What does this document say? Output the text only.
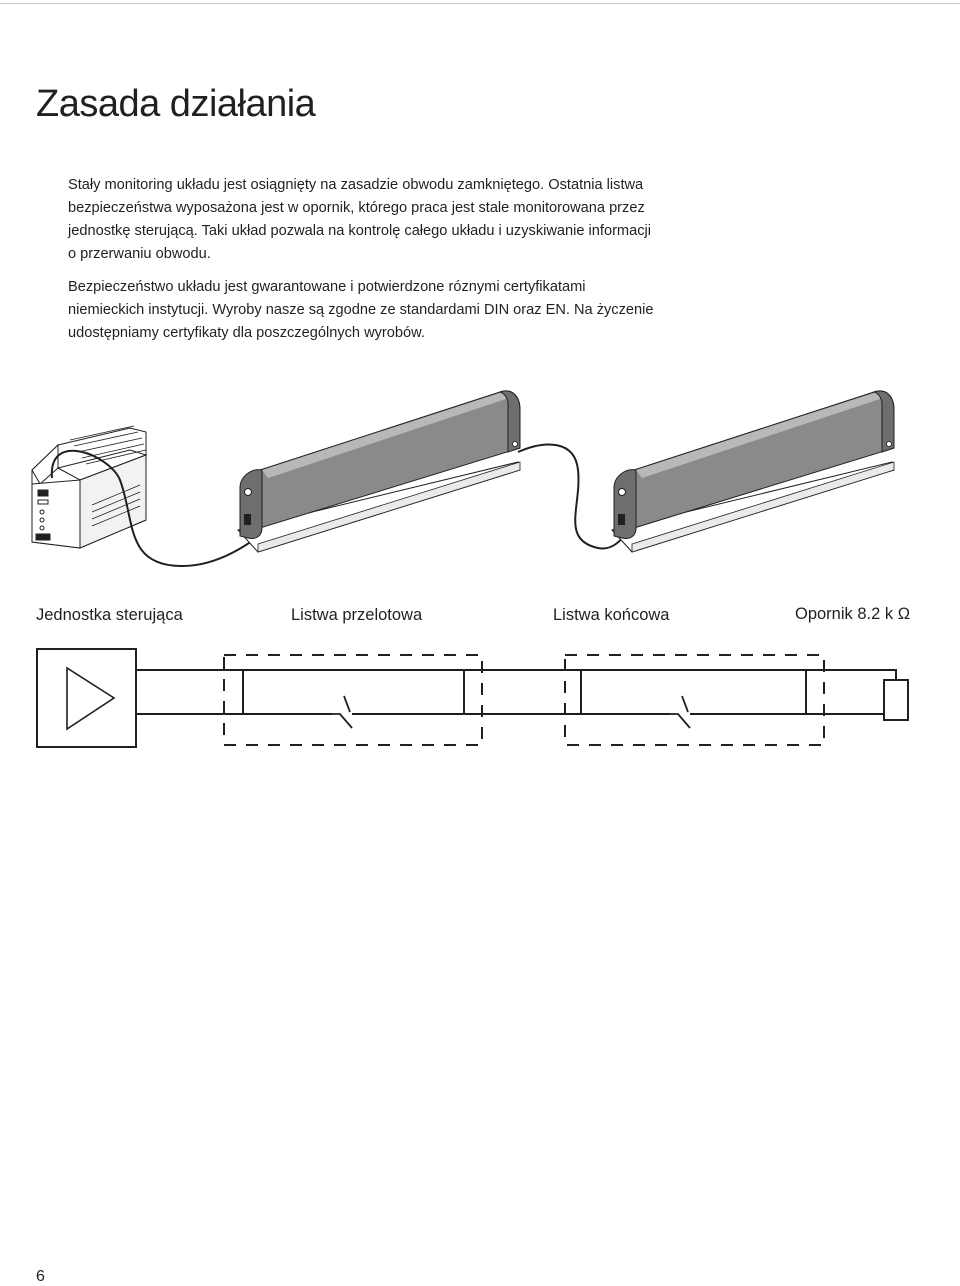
Zasada działania

Stały monitoring układu jest osiągnięty na zasadzie obwodu zamkniętego. Ostatnia listwa bezpieczeństwa wyposażona jest w opornik, którego praca jest stale monitorowana przez jednostkę sterującą. Taki układ pozwala na kontrolę całego układu i uzyskiwanie informacji o przerwaniu obwodu.

Bezpieczeństwo układu jest gwarantowane i potwierdzone róznymi certyfikatami niemieckich instytucji. Wyroby nasze są zgodne ze standardami DIN oraz EN. Na życzenie udostępniamy certyfikaty dla poszczególnych wyrobów.

Jednostka sterująca	Listwa przelotowa	Listwa końcowa	Opornik 8.2 k Ω
6
